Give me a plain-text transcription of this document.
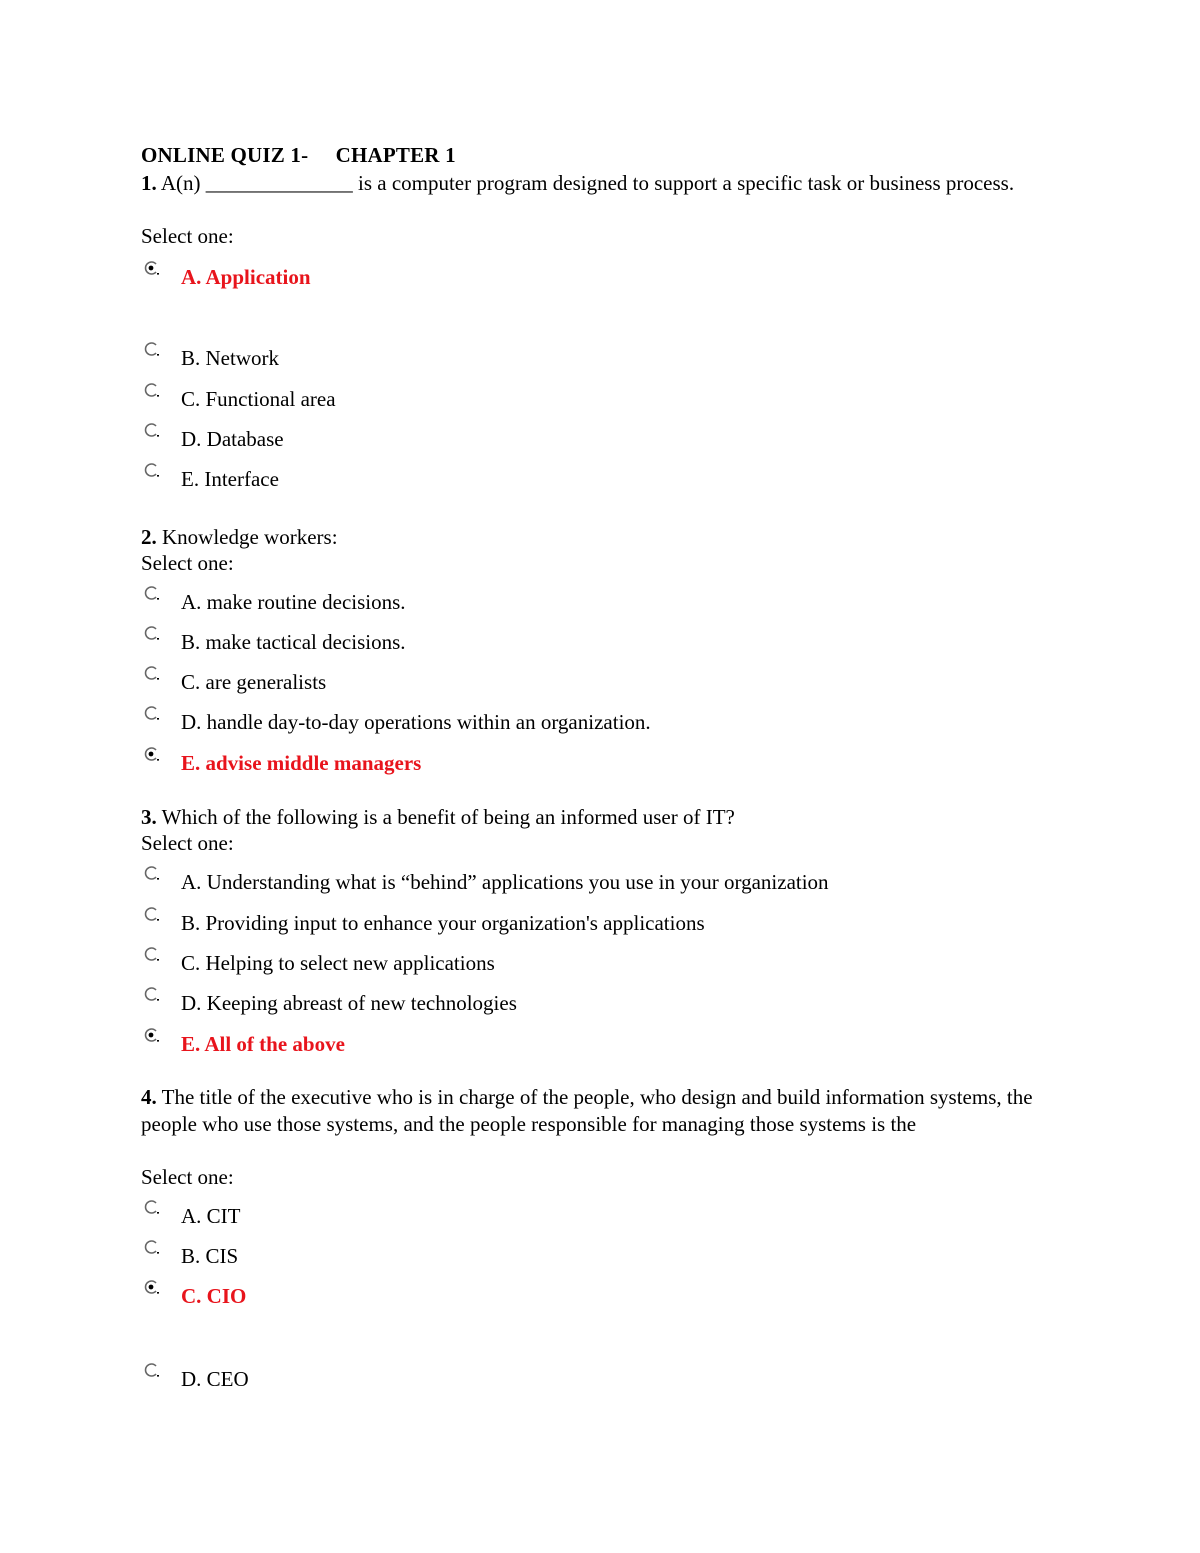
ONLINE QUIZ 1-     CHAPTER 1
1. A(n) ______________ is a computer program designed to support a specific task or business process.
Select one:
A. Application
B. Network
C. Functional area
D. Database
E. Interface
2. Knowledge workers:
Select one:
A. make routine decisions.
B. make tactical decisions.
C. are generalists
D. handle day-to-day operations within an organization.
E. advise middle managers
3. Which of the following is a benefit of being an informed user of IT?
Select one:
A. Understanding what is “behind” applications you use in your organization
B. Providing input to enhance your organization's applications
C. Helping to select new applications
D. Keeping abreast of new technologies
E. All of the above
4. The title of the executive who is in charge of the people, who design and build information systems, the people who use those systems, and the people responsible for managing those systems is the
Select one:
A. CIT
B. CIS
C. CIO
D. CEO
